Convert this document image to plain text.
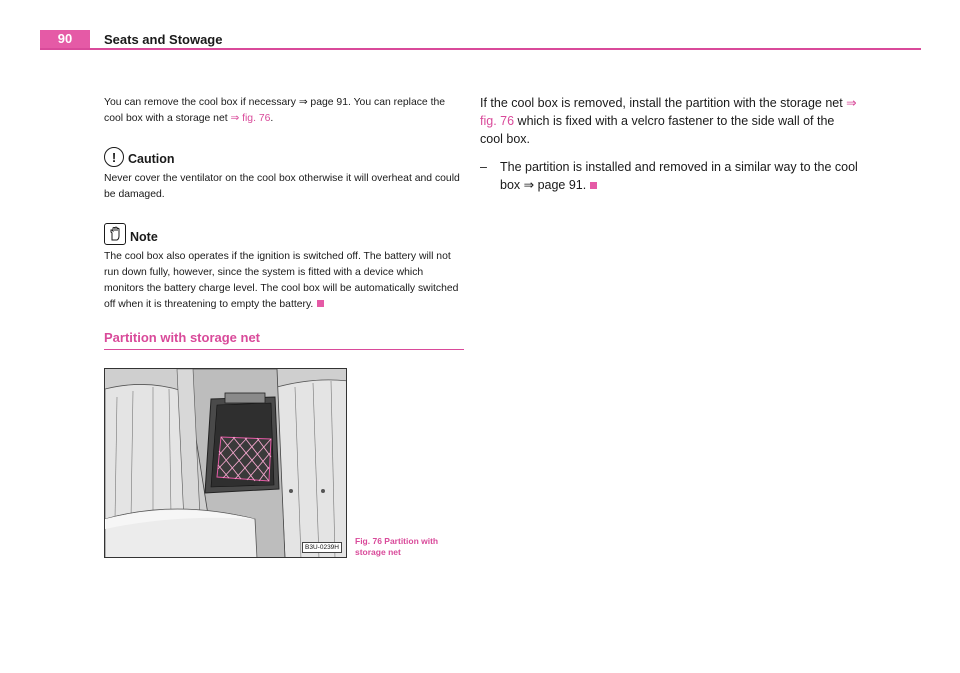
90	Seats and Stowage

You can remove the cool box if necessary ⇒ page 91. You can replace the cool box with a storage net ⇒ fig. 76.

! Caution

Never cover the ventilator on the cool box otherwise it will overheat and could be damaged.

Note

The cool box also operates if the ignition is switched off. The battery will not run down fully, however, since the system is fitted with a device which monitors the battery charge level. The cool box will be automatically switched off when it is threatening to empty the battery.

Partition with storage net
B3U-0239H
Fig. 76 Partition with storage net

If the cool box is removed, install the partition with the storage net ⇒ fig. 76 which is fixed with a velcro fastener to the side wall of the cool box.

–	The partition is installed and removed in a similar way to the cool box ⇒ page 91.
